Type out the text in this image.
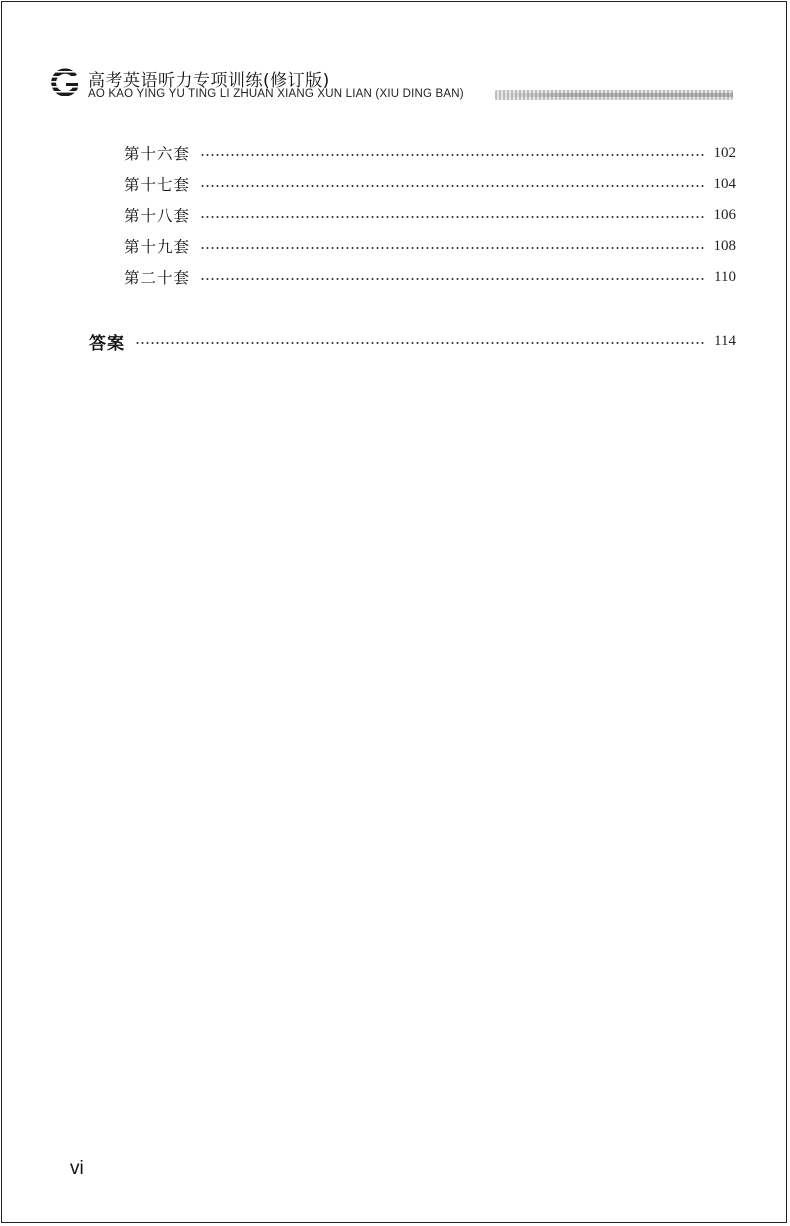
高考英语听力专项训练(修订版)
AO KAO YING YU TING LI ZHUAN XIANG XUN LIAN (XIU DING BAN)
第十六套	102
第十七套	104
第十八套	106
第十九套	108
第二十套	110
答案	114
vi
